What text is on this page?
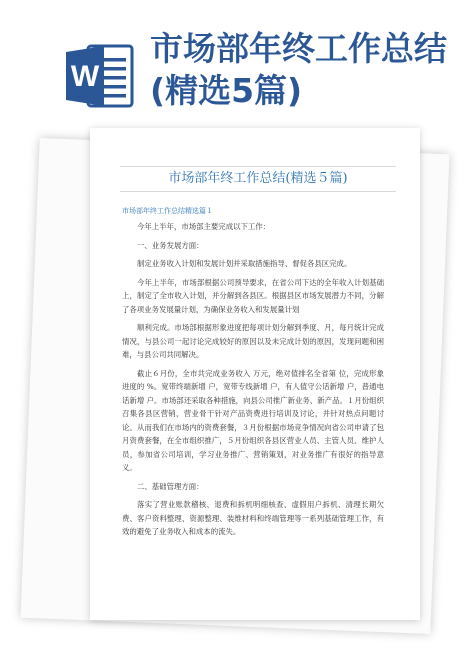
W
市场部年终工作总结(精选5篇)
市场部年终工作总结(精选５篇)
市场部年终工作总结精选篇１

今年上半年，市场部主要完成以下工作：

一、业务发展方面：

制定业务收入计划和发展计划并采取措施指导、督促各县区完成。

今年上半年，市场部根据公司预导要求，在省公司下达的全年收入计划基础上，制定了全市收入计划，并分解到各县区。根据县区市场发展潜力不同，分解了各项业务发展量计划，为确保业务收入和发展量计划

顺利完成。市场部根据形象进度把每项计划分解到季度、月，每月统计完成情况，与县公司一起讨论完成较好的原因以及未完成计划的原因，发现问题和困难，与县公司共同解决。

截止６月份，全市共完成业务收入 万元，绝对值排名全省第 位，完成形象进度的 %。宽带终端新增 户，宽带专线新增 户，有人值守公话新增 户，普通电话新增 户。市场部还采取各种措施，向县公司推广新业务、新产品。１月份组织召集各县区营销，营业骨干针对产品资费进行培训及讨论，并针对热点问题讨论。从而我们在市场内的资费套餐，３月份根据市场竞争情况向省公司申请了包月资费套餐，在全市组织推广，５月份组织各县区营业人员、主管人员、维护人员，参加省公司培训，学习业务推广、营销策划，对业务推广有很好的指导意义。

二、基础管理方面：

落实了营业账款稽核、退费和拆机明细核查、虚假用户拆机、清理长期欠费、客户资料整理、资源整理、装维材料和终端管理等一系列基础管理工作，有效的避免了业务收入和成本的流失。
